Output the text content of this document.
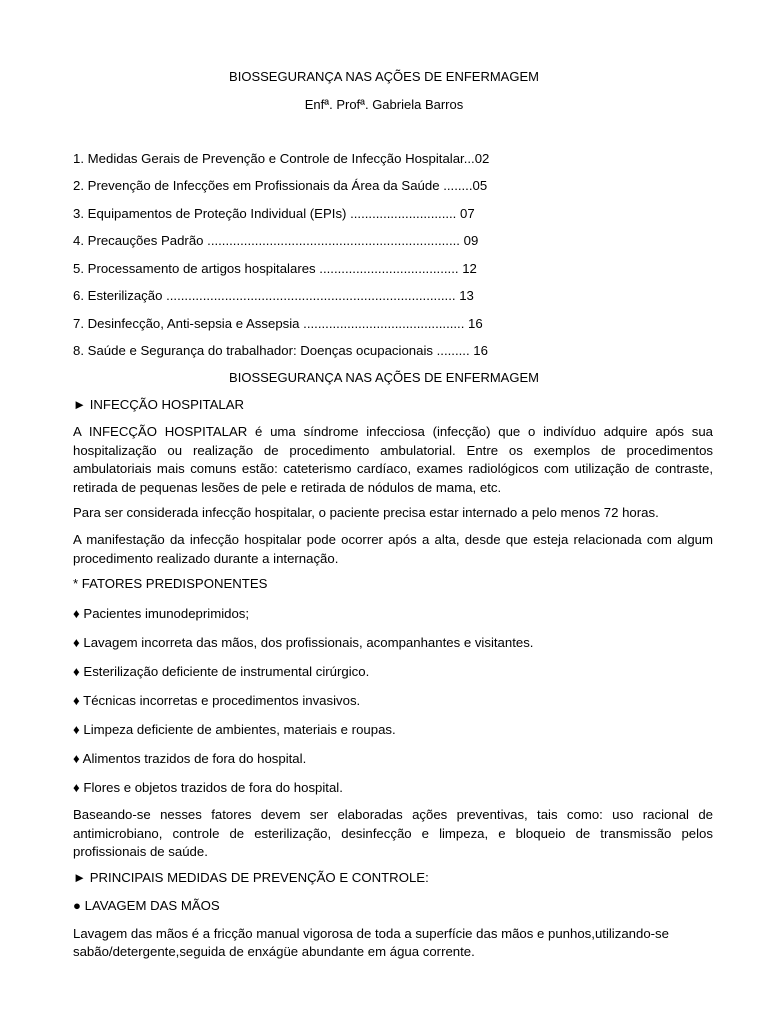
BIOSSEGURANÇA NAS AÇÕES DE ENFERMAGEM
Enfª. Profª. Gabriela Barros
1. Medidas Gerais de Prevenção e Controle de Infecção Hospitalar...02
2. Prevenção de Infecções em Profissionais da Área da Saúde ........05
3. Equipamentos de Proteção Individual (EPIs) ............................. 07
4. Precauções Padrão ..................................................................... 09
5. Processamento de artigos hospitalares ...................................... 12
6. Esterilização ............................................................................... 13
7. Desinfecção, Anti-sepsia e Assepsia ............................................ 16
8. Saúde e Segurança do trabalhador: Doenças ocupacionais ......... 16
BIOSSEGURANÇA NAS AÇÕES DE ENFERMAGEM
► INFECÇÃO HOSPITALAR
A INFECÇÃO HOSPITALAR é uma síndrome infecciosa (infecção) que o indivíduo adquire após sua hospitalização ou realização de procedimento ambulatorial. Entre os exemplos de procedimentos ambulatoriais mais comuns estão: cateterismo cardíaco, exames radiológicos com utilização de contraste, retirada de pequenas lesões de pele e retirada de nódulos de mama, etc.
Para ser considerada infecção hospitalar, o paciente precisa estar internado a pelo menos 72 horas.
A manifestação da infecção hospitalar pode ocorrer após a alta, desde que esteja relacionada com algum procedimento realizado durante a internação.
* FATORES PREDISPONENTES
♦ Pacientes imunodeprimidos;
♦ Lavagem incorreta das mãos, dos profissionais, acompanhantes e visitantes.
♦ Esterilização deficiente de instrumental cirúrgico.
♦ Técnicas incorretas e procedimentos invasivos.
♦ Limpeza deficiente de ambientes, materiais e roupas.
♦ Alimentos trazidos de fora do hospital.
♦ Flores e objetos trazidos de fora do hospital.
Baseando-se nesses fatores devem ser elaboradas ações preventivas, tais como: uso racional de antimicrobiano, controle de esterilização, desinfecção e limpeza, e bloqueio de transmissão pelos profissionais de saúde.
► PRINCIPAIS MEDIDAS DE PREVENÇÃO E CONTROLE:
● LAVAGEM DAS MÃOS
Lavagem das mãos é a fricção manual vigorosa de toda a superfície das mãos e punhos,utilizando-se
sabão/detergente,seguida de enxágüe abundante em água corrente.
